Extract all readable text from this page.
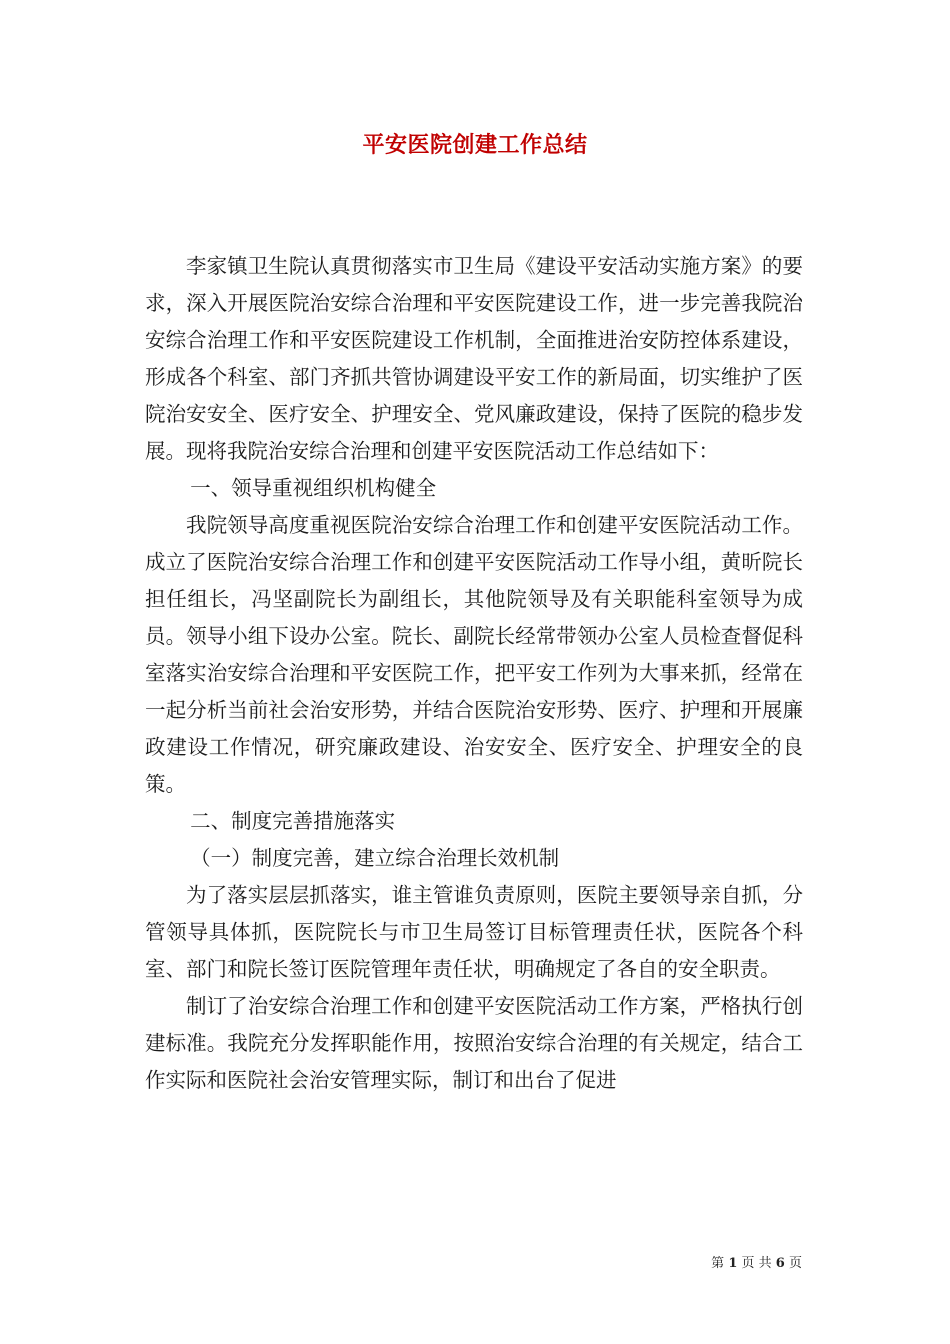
平安医院创建工作总结

李家镇卫生院认真贯彻落实市卫生局《建设平安活动实施方案》的要求，深入开展医院治安综合治理和平安医院建设工作，进一步完善我院治安综合治理工作和平安医院建设工作机制，全面推进治安防控体系建设，形成各个科室、部门齐抓共管协调建设平安工作的新局面，切实维护了医院治安安全、医疗安全、护理安全、党风廉政建设，保持了医院的稳步发展。现将我院治安综合治理和创建平安医院活动工作总结如下：

一、领导重视组织机构健全

我院领导高度重视医院治安综合治理工作和创建平安医院活动工作。成立了医院治安综合治理工作和创建平安医院活动工作导小组，黄昕院长担任组长，冯坚副院长为副组长，其他院领导及有关职能科室领导为成员。领导小组下设办公室。院长、副院长经常带领办公室人员检查督促科室落实治安综合治理和平安医院工作，把平安工作列为大事来抓，经常在一起分析当前社会治安形势，并结合医院治安形势、医疗、护理和开展廉政建设工作情况，研究廉政建设、治安安全、医疗安全、护理安全的良策。

二、制度完善措施落实

（一）制度完善，建立综合治理长效机制

为了落实层层抓落实，谁主管谁负责原则，医院主要领导亲自抓，分管领导具体抓，医院院长与市卫生局签订目标管理责任状，医院各个科室、部门和院长签订医院管理年责任状，明确规定了各自的安全职责。

制订了治安综合治理工作和创建平安医院活动工作方案，严格执行创建标准。我院充分发挥职能作用，按照治安综合治理的有关规定，结合工作实际和医院社会治安管理实际，制订和出台了促进

第 1 页 共 6 页
